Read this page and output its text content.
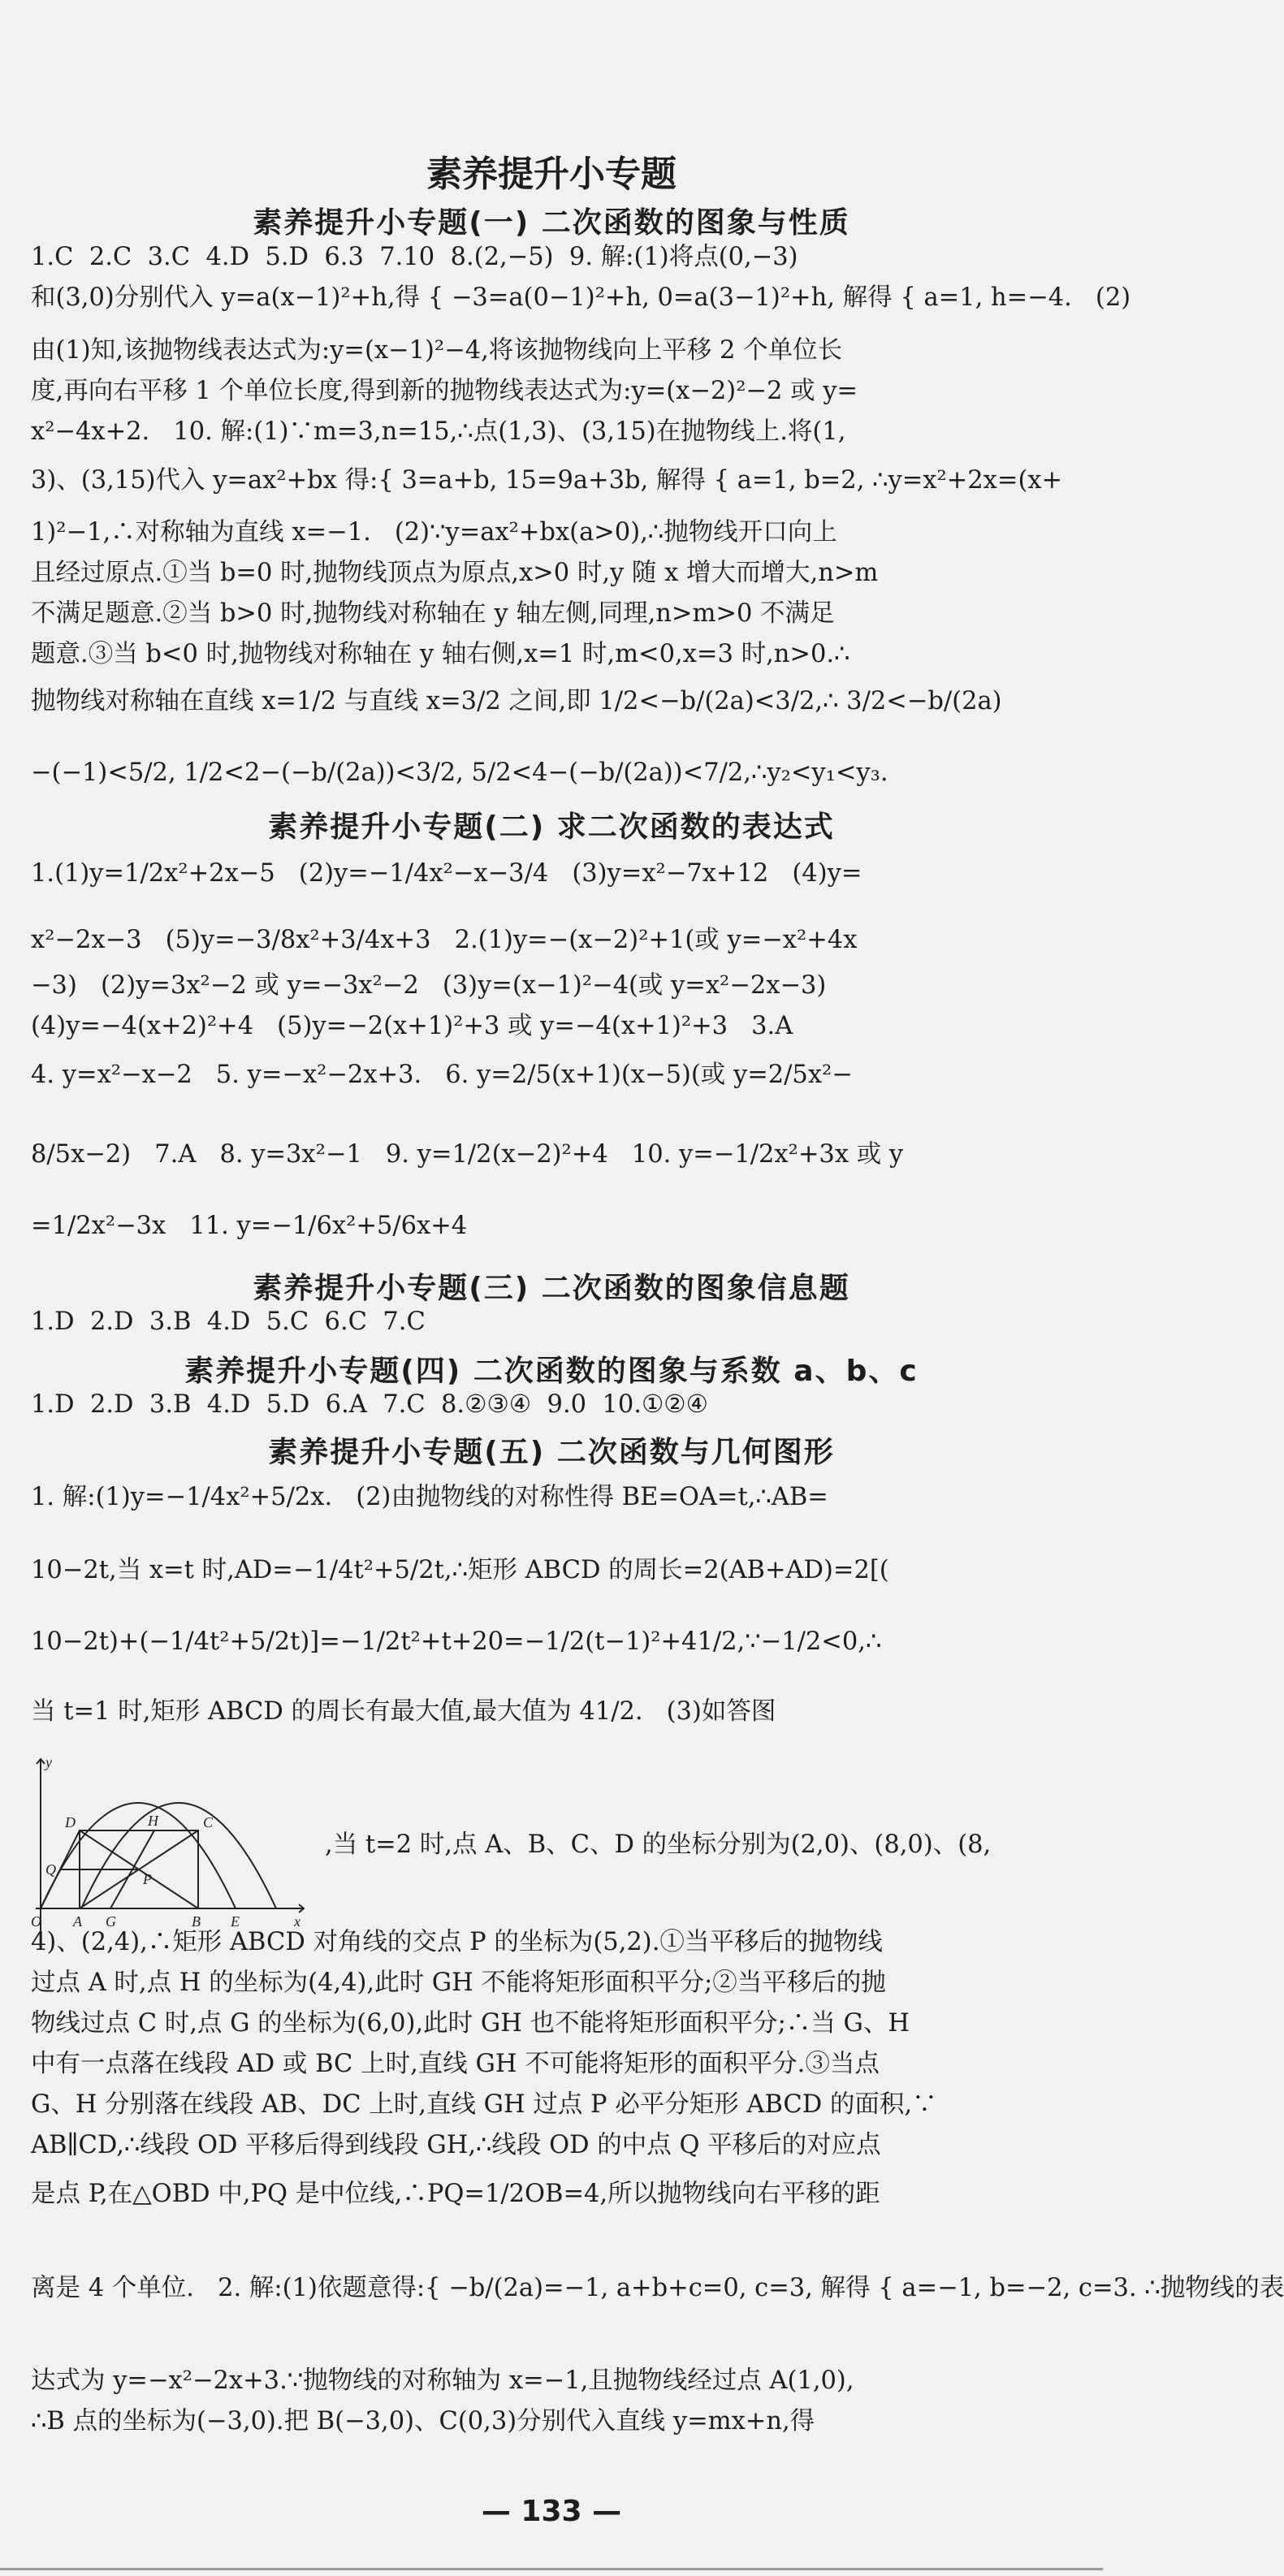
素养提升小专题
素养提升小专题(一) 二次函数的图象与性质
1.C  2.C  3.C  4.D  5.D  6.3  7.10  8.(2,−5)  9. 解:(1)将点(0,−3)
和(3,0)分别代入 y=a(x−1)²+h,得 { −3=a(0−1)²+h, 0=a(3−1)²+h, 解得 { a=1, h=−4.   (2)
由(1)知,该抛物线表达式为:y=(x−1)²−4,将该抛物线向上平移 2 个单位长
度,再向右平移 1 个单位长度,得到新的抛物线表达式为:y=(x−2)²−2 或 y=
x²−4x+2.   10. 解:(1)∵m=3,n=15,∴点(1,3)、(3,15)在抛物线上.将(1,
3)、(3,15)代入 y=ax²+bx 得:{ 3=a+b, 15=9a+3b, 解得 { a=1, b=2, ∴y=x²+2x=(x+
1)²−1,∴对称轴为直线 x=−1.   (2)∵y=ax²+bx(a>0),∴抛物线开口向上
且经过原点.①当 b=0 时,抛物线顶点为原点,x>0 时,y 随 x 增大而增大,n>m
不满足题意.②当 b>0 时,抛物线对称轴在 y 轴左侧,同理,n>m>0 不满足
题意.③当 b<0 时,抛物线对称轴在 y 轴右侧,x=1 时,m<0,x=3 时,n>0.∴
抛物线对称轴在直线 x=1/2 与直线 x=3/2 之间,即 1/2<−b/(2a)<3/2,∴ 3/2<−b/(2a)
−(−1)<5/2, 1/2<2−(−b/(2a))<3/2, 5/2<4−(−b/(2a))<7/2,∴y₂<y₁<y₃.
素养提升小专题(二) 求二次函数的表达式
1.(1)y=1/2x²+2x−5   (2)y=−1/4x²−x−3/4   (3)y=x²−7x+12   (4)y=
x²−2x−3   (5)y=−3/8x²+3/4x+3   2.(1)y=−(x−2)²+1(或 y=−x²+4x
−3)   (2)y=3x²−2 或 y=−3x²−2   (3)y=(x−1)²−4(或 y=x²−2x−3)
(4)y=−4(x+2)²+4   (5)y=−2(x+1)²+3 或 y=−4(x+1)²+3   3.A
4. y=x²−x−2   5. y=−x²−2x+3.   6. y=2/5(x+1)(x−5)(或 y=2/5x²−
8/5x−2)   7.A   8. y=3x²−1   9. y=1/2(x−2)²+4   10. y=−1/2x²+3x 或 y
=1/2x²−3x   11. y=−1/6x²+5/6x+4
素养提升小专题(三) 二次函数的图象信息题
1.D  2.D  3.B  4.D  5.C  6.C  7.C
素养提升小专题(四) 二次函数的图象与系数 a、b、c
1.D  2.D  3.B  4.D  5.D  6.A  7.C  8.②③④  9.0  10.①②④
素养提升小专题(五) 二次函数与几何图形
1. 解:(1)y=−1/4x²+5/2x.   (2)由抛物线的对称性得 BE=OA=t,∴AB=
10−2t,当 x=t 时,AD=−1/4t²+5/2t,∴矩形 ABCD 的周长=2(AB+AD)=2[(
10−2t)+(−1/4t²+5/2t)]=−1/2t²+t+20=−1/2(t−1)²+41/2,∵−1/2<0,∴
当 t=1 时,矩形 ABCD 的周长有最大值,最大值为 41/2.   (3)如答图
y
x
O A G	B E
D	H	C
Q
P
,当 t=2 时,点 A、B、C、D 的坐标分别为(2,0)、(8,0)、(8,
4)、(2,4),∴矩形 ABCD 对角线的交点 P 的坐标为(5,2).①当平移后的抛物线
过点 A 时,点 H 的坐标为(4,4),此时 GH 不能将矩形面积平分;②当平移后的抛
物线过点 C 时,点 G 的坐标为(6,0),此时 GH 也不能将矩形面积平分;∴当 G、H
中有一点落在线段 AD 或 BC 上时,直线 GH 不可能将矩形的面积平分.③当点
G、H 分别落在线段 AB、DC 上时,直线 GH 过点 P 必平分矩形 ABCD 的面积,∵
AB∥CD,∴线段 OD 平移后得到线段 GH,∴线段 OD 的中点 Q 平移后的对应点
是点 P,在△OBD 中,PQ 是中位线,∴PQ=1/2OB=4,所以抛物线向右平移的距
离是 4 个单位.   2. 解:(1)依题意得:{ −b/(2a)=−1, a+b+c=0, c=3, 解得 { a=−1, b=−2, c=3. ∴抛物线的表
达式为 y=−x²−2x+3.∵抛物线的对称轴为 x=−1,且抛物线经过点 A(1,0),
∴B 点的坐标为(−3,0).把 B(−3,0)、C(0,3)分别代入直线 y=mx+n,得
— 133 —
